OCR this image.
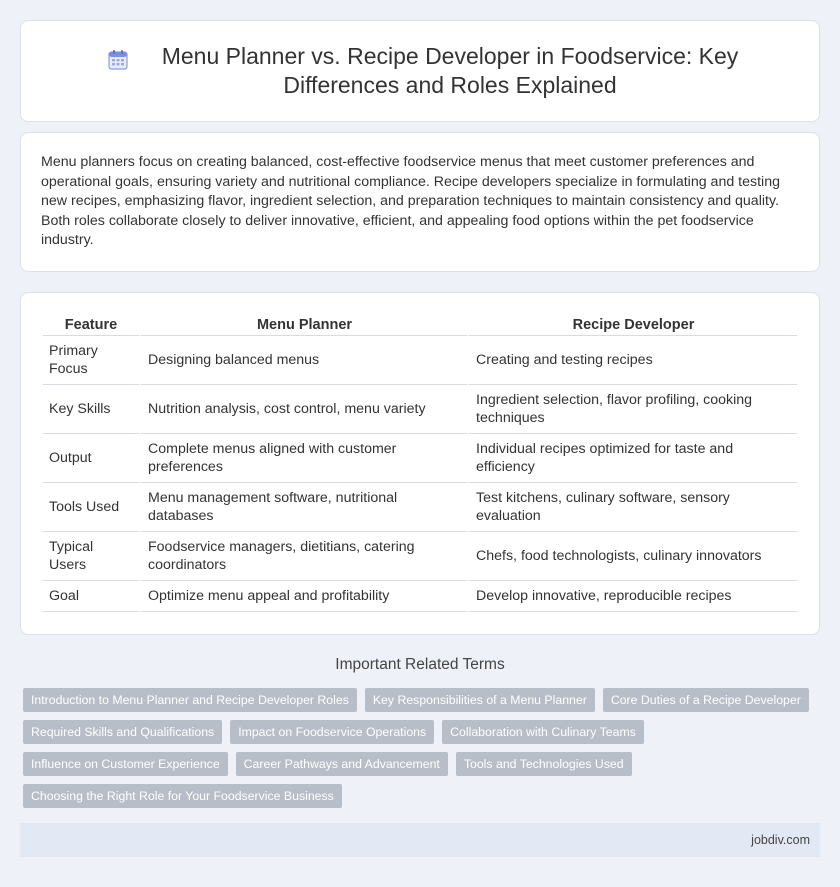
Menu Planner vs. Recipe Developer in Foodservice: Key Differences and Roles Explained

Menu planners focus on creating balanced, cost-effective foodservice menus that meet customer preferences and operational goals, ensuring variety and nutritional compliance. Recipe developers specialize in formulating and testing new recipes, emphasizing flavor, ingredient selection, and preparation techniques to maintain consistency and quality. Both roles collaborate closely to deliver innovative, efficient, and appealing food options within the pet foodservice industry.

Feature	Menu Planner	Recipe Developer
Primary Focus	Designing balanced menus	Creating and testing recipes
Key Skills	Nutrition analysis, cost control, menu variety	Ingredient selection, flavor profiling, cooking techniques
Output	Complete menus aligned with customer preferences	Individual recipes optimized for taste and efficiency
Tools Used	Menu management software, nutritional databases	Test kitchens, culinary software, sensory evaluation
Typical Users	Foodservice managers, dietitians, catering coordinators	Chefs, food technologists, culinary innovators
Goal	Optimize menu appeal and profitability	Develop innovative, reproducible recipes
Important Related Terms
Introduction to Menu Planner and Recipe Developer Roles	Key Responsibilities of a Menu Planner	Core Duties of a Recipe Developer
Required Skills and Qualifications	Impact on Foodservice Operations	Collaboration with Culinary Teams
Influence on Customer Experience	Career Pathways and Advancement	Tools and Technologies Used
Choosing the Right Role for Your Foodservice Business
jobdiv.com
